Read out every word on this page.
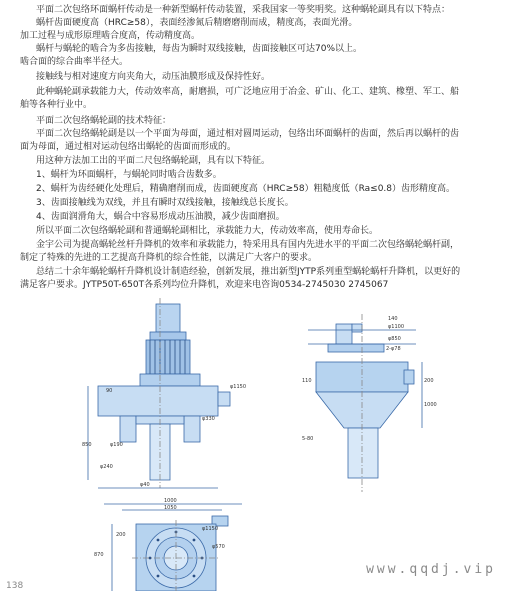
平面二次包络环面蜗杆传动是一种新型蜗杆传动装置，采我国家一等奖明奖。这种蜗轮副具有以下特点：
蜗杆齿面硬度高（HRC≥58），表面经渗氮后精磨磨削而成，精度高，表面光滑。
加工过程与成形原理啮合度高，传动精度高。
蜗杆与蜗轮的啮合为多齿接触，每齿为瞬时双线接触，齿面接触区可达70%以上。
啮合面的综合曲率半径大。
接触线与相对速度方向夹角大，动压油膜形成及保持性好。
此种蜗轮副承载能力大，传动效率高，耐磨损，可广泛地应用于冶金、矿山、化工、建筑、橡塑、军工、船
舶等各种行业中。
平面二次包络蜗轮副的技术特征：
平面二次包络蜗轮副是以一个平面为母面，通过相对圆周运动，包络出环面蜗杆的齿面，然后再以蜗杆的齿
面为母面，通过相对运动包络出蜗轮的齿面而形成的。
用这种方法加工出的平面二尺包络蜗轮副，具有以下特征。
1、蜗杆为环面蜗杆，与蜗轮同时啮合齿数多。
2、蜗杆为齿经硬化处理后，精确磨削而成，齿面硬度高（HRC≥58）粗糙度低（Ra≤0.8）齿形精度高。
3、齿面接触线为双线，并且有瞬时双线接触，接触线总长度长。
4、齿面润滑角大，蜗合中容易形成动压油膜，减少齿面磨损。
所以平面二次包络蜗轮副和普通蜗轮副相比，承载能力大，传动效率高，使用寿命长。
金宇公司为提高蜗轮丝杆升降机的效率和承载能力，特采用具有国内先进水平的平面二次包络蜗轮蜗杆副，
制定了特殊的先进的工艺提高升降机的综合性能，以满足广大客户的要求。
总结二十余年蜗轮蜗杆升降机设计制造经验，创新发展，推出新型JYTP系列重型蜗轮蜗杆升降机，以更好的
满足客户要求。JYTP50T-650T各系列均位升降机，欢迎来电咨询0534-2745030 2745067
φ1150
φ330
850
90
φ190
φ240
φ40
140
φ1100
φ850
2-φ78
200
1000
110
5-80
1000
1050
φ1150
870
φ570
200
www.qqdj.vip
138
